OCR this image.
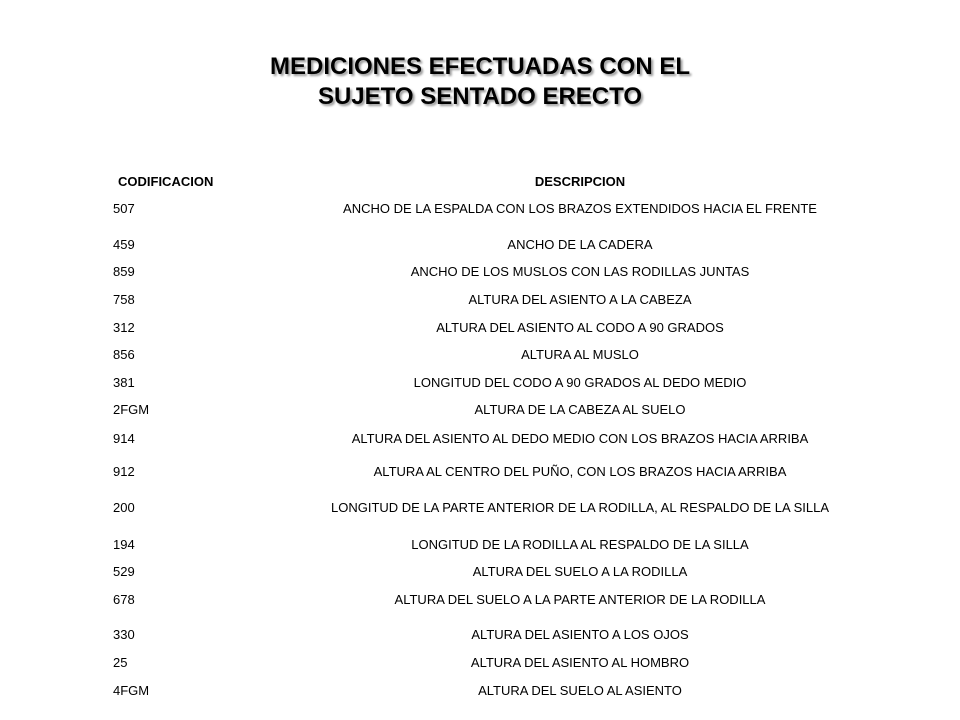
MEDICIONES EFECTUADAS CON EL
SUJETO SENTADO ERECTO
CODIFICACION	DESCRIPCION
507	ANCHO DE LA ESPALDA CON LOS BRAZOS EXTENDIDOS HACIA EL FRENTE
459	ANCHO DE LA CADERA
859	ANCHO DE LOS MUSLOS CON LAS RODILLAS JUNTAS
758	ALTURA DEL ASIENTO A LA CABEZA
312	ALTURA DEL ASIENTO AL CODO A 90 GRADOS
856	ALTURA AL MUSLO
381	LONGITUD DEL CODO A 90 GRADOS AL DEDO MEDIO
2FGM	ALTURA DE LA CABEZA AL SUELO
914	ALTURA DEL ASIENTO AL DEDO MEDIO CON LOS BRAZOS HACIA ARRIBA
912	ALTURA AL CENTRO DEL PUÑO, CON LOS BRAZOS HACIA ARRIBA
200	LONGITUD DE LA PARTE ANTERIOR DE LA RODILLA, AL RESPALDO DE LA SILLA
194	LONGITUD DE LA RODILLA AL RESPALDO DE LA SILLA
529	ALTURA DEL SUELO A LA RODILLA
678	ALTURA DEL SUELO A LA PARTE ANTERIOR DE LA RODILLA
330	ALTURA DEL ASIENTO A LOS OJOS
25	ALTURA DEL ASIENTO AL HOMBRO
4FGM	ALTURA DEL SUELO AL ASIENTO
